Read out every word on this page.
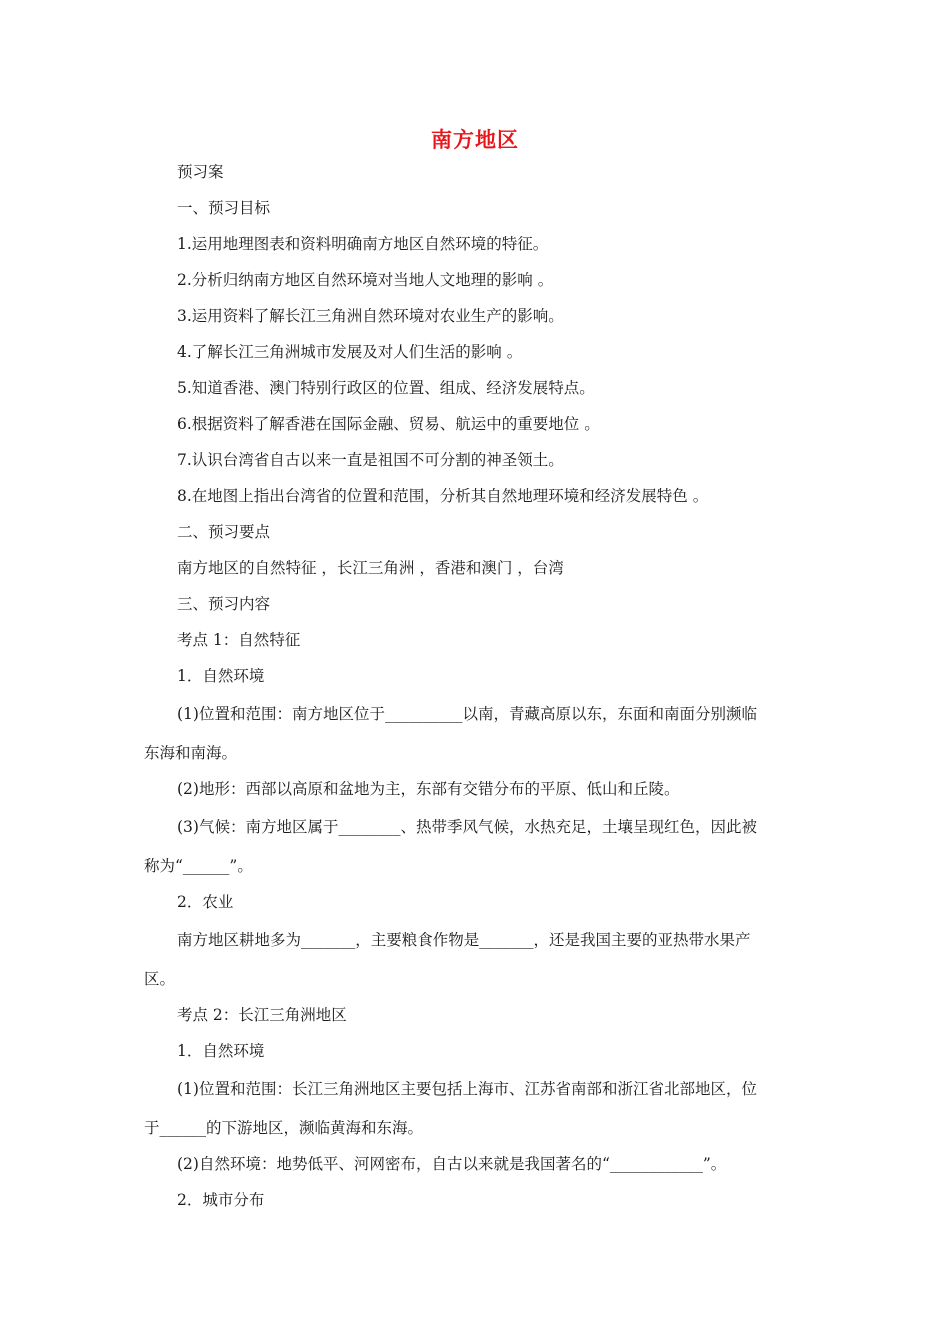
南方地区
预习案
一、预习目标
1.运用地理图表和资料明确南方地区自然环境的特征。
2.分析归纳南方地区自然环境对当地人文地理的影响 。
3.运用资料了解长江三角洲自然环境对农业生产的影响。
4.了解长江三角洲城市发展及对人们生活的影响 。
5.知道香港、澳门特别行政区的位置、组成、经济发展特点。
6.根据资料了解香港在国际金融、贸易、航运中的重要地位 。
7.认识台湾省自古以来一直是祖国不可分割的神圣领土。
8.在地图上指出台湾省的位置和范围，分析其自然地理环境和经济发展特色 。
二、预习要点
南方地区的自然特征 ，长江三角洲 ，香港和澳门 ，台湾
三、预习内容
考点 1：自然特征
1．自然环境
(1)位置和范围：南方地区位于__________以南，青藏高原以东，东面和南面分别濒临
东海和南海。
(2)地形：西部以高原和盆地为主，东部有交错分布的平原、低山和丘陵。
(3)气候：南方地区属于________、热带季风气候，水热充足，土壤呈现红色，因此被
称为“______”。
2．农业
南方地区耕地多为_______，主要粮食作物是_______，还是我国主要的亚热带水果产
区。
考点 2：长江三角洲地区
1．自然环境
(1)位置和范围：长江三角洲地区主要包括上海市、江苏省南部和浙江省北部地区，位
于______的下游地区，濒临黄海和东海。
(2)自然环境：地势低平、河网密布，自古以来就是我国著名的“____________”。
2．城市分布
